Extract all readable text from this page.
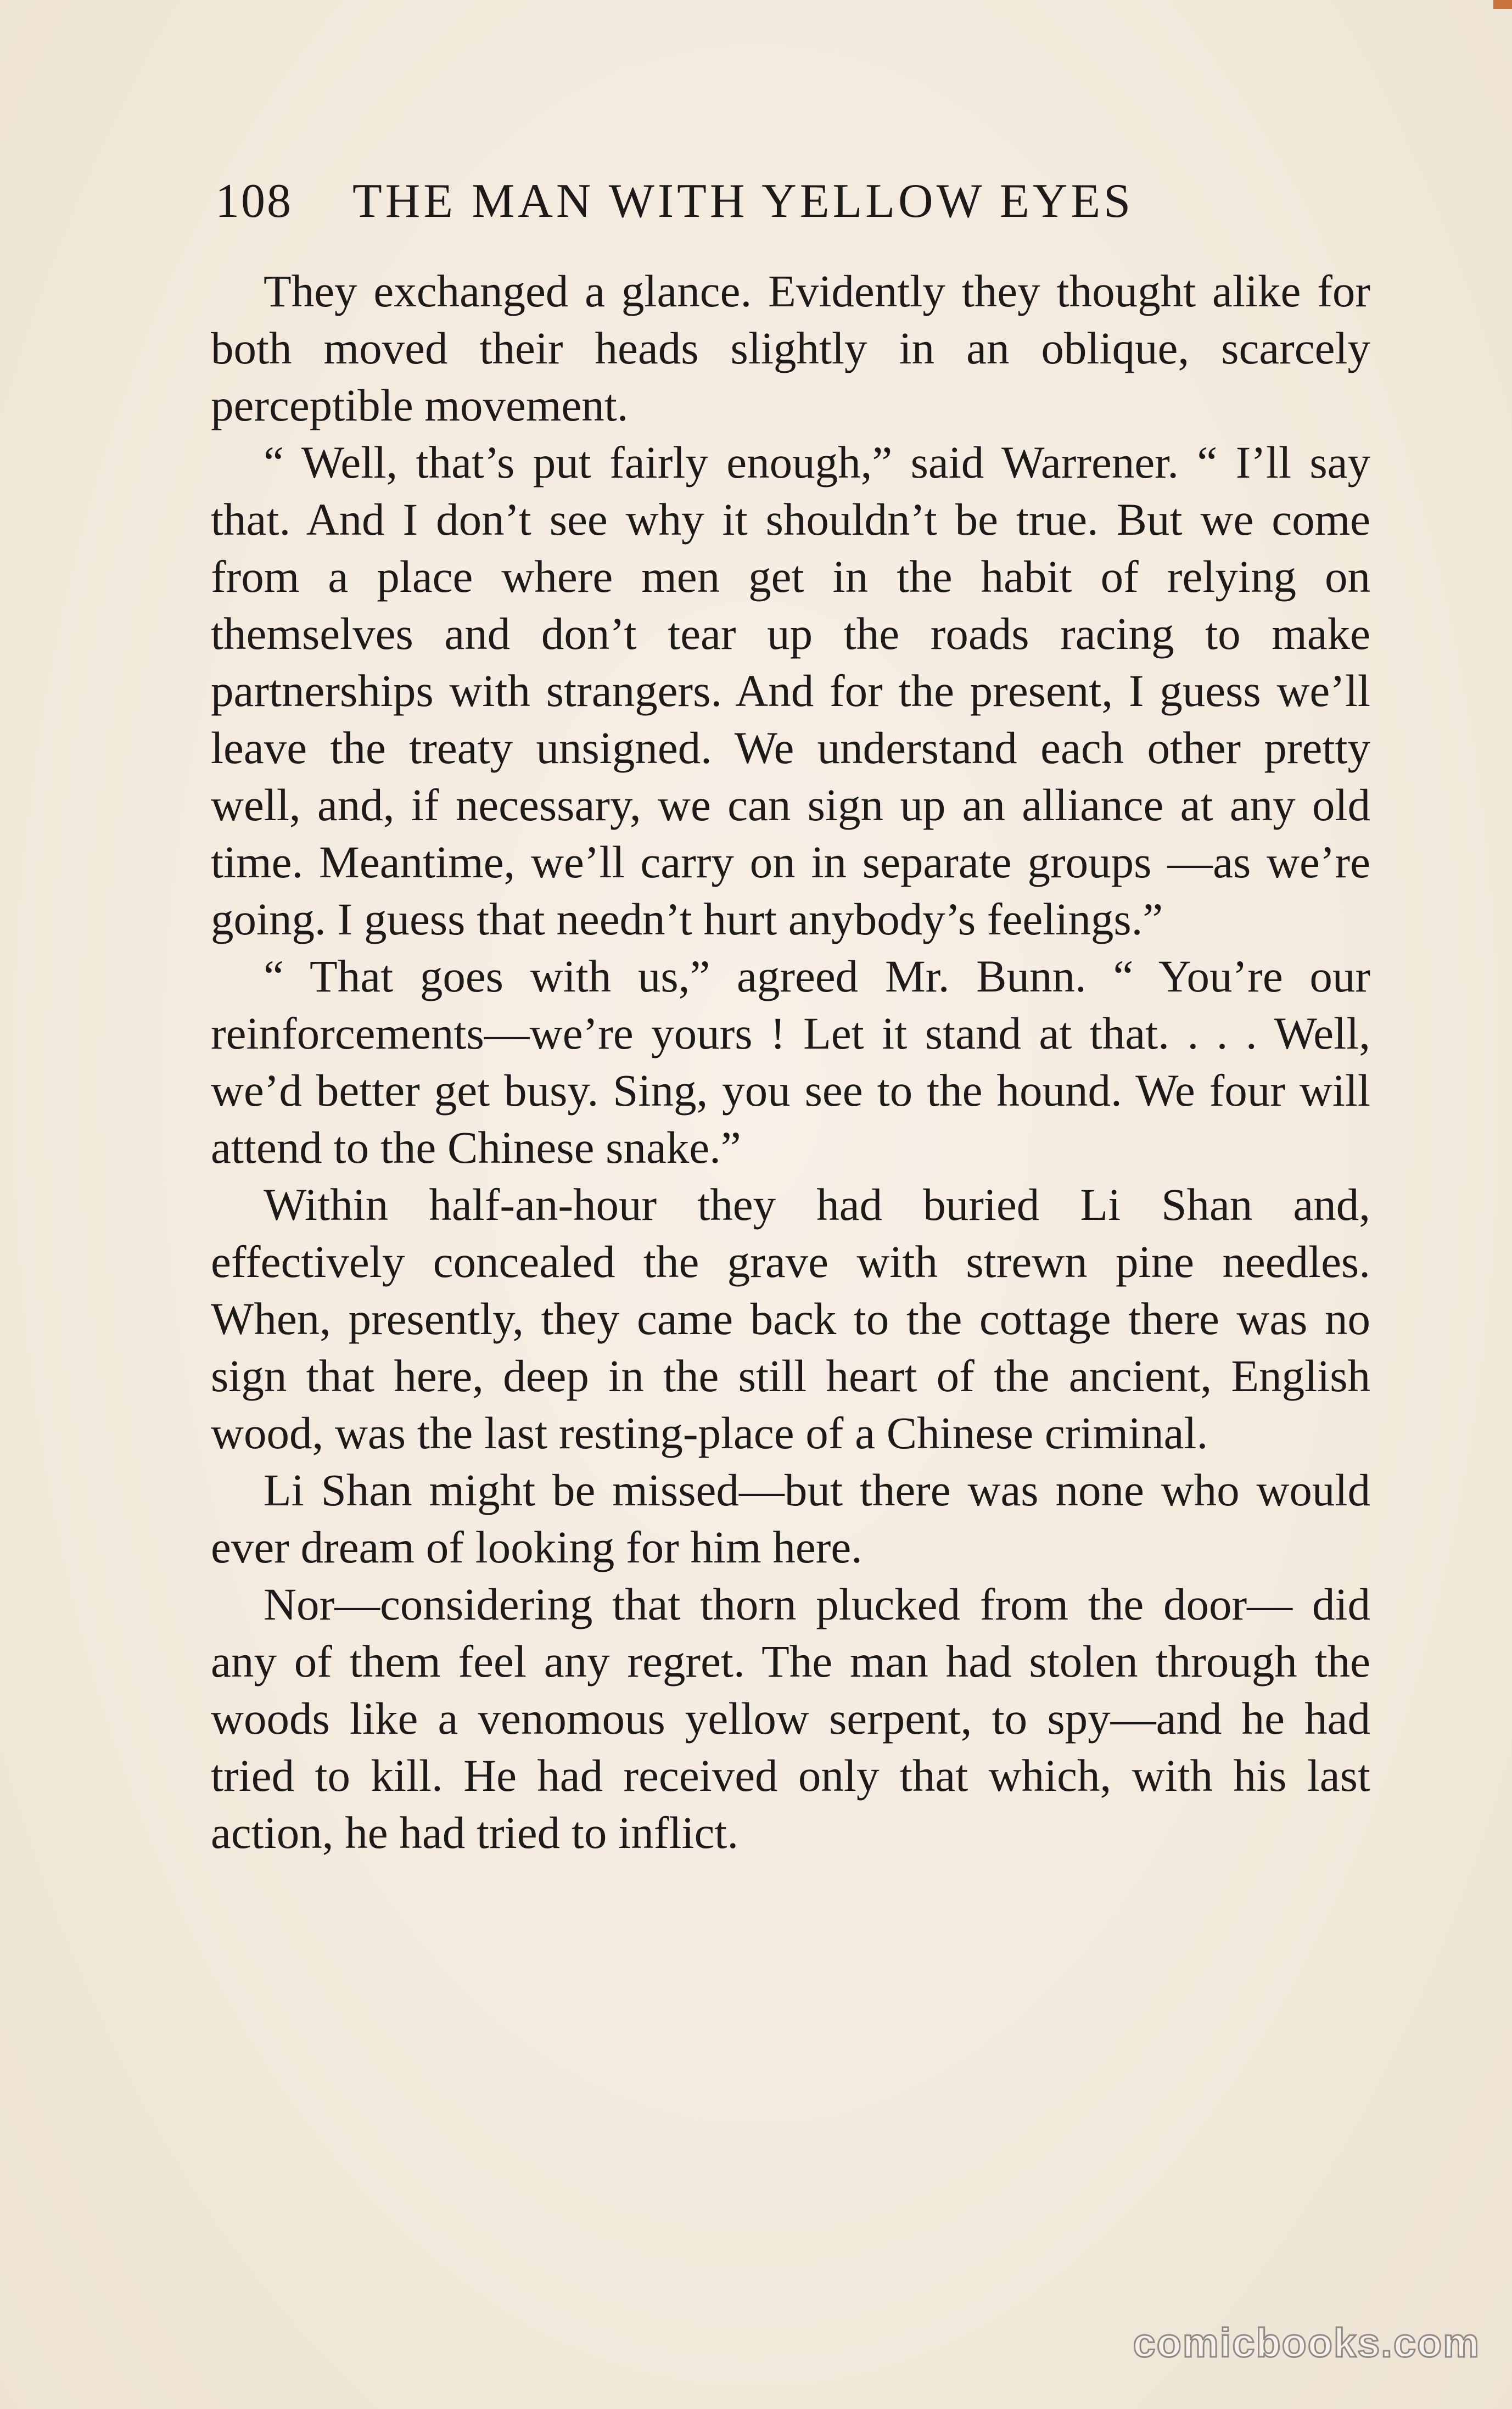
108 THE MAN WITH YELLOW EYES

They exchanged a glance. Evidently they thought alike for both moved their heads slightly in an oblique, scarcely perceptible movement.

“ Well, that’s put fairly enough,” said Warrener. “ I’ll say that. And I don’t see why it shouldn’t be true. But we come from a place where men get in the habit of relying on themselves and don’t tear up the roads racing to make partnerships with strangers. And for the present, I guess we’ll leave the treaty unsigned. We understand each other pretty well, and, if necessary, we can sign up an alliance at any old time. Meantime, we’ll carry on in separate groups —as we’re going. I guess that needn’t hurt anybody’s feelings.”

“ That goes with us,” agreed Mr. Bunn. “ You’re our reinforcements—we’re yours ! Let it stand at that. . . . Well, we’d better get busy. Sing, you see to the hound. We four will attend to the Chinese snake.”

Within half-an-hour they had buried Li Shan and, effectively concealed the grave with strewn pine needles. When, presently, they came back to the cottage there was no sign that here, deep in the still heart of the ancient, English wood, was the last resting-place of a Chinese criminal.

Li Shan might be missed—but there was none who would ever dream of looking for him here.

Nor—considering that thorn plucked from the door— did any of them feel any regret. The man had stolen through the woods like a venomous yellow serpent, to spy—and he had tried to kill. He had received only that which, with his last action, he had tried to inflict.

comicbooks.com
